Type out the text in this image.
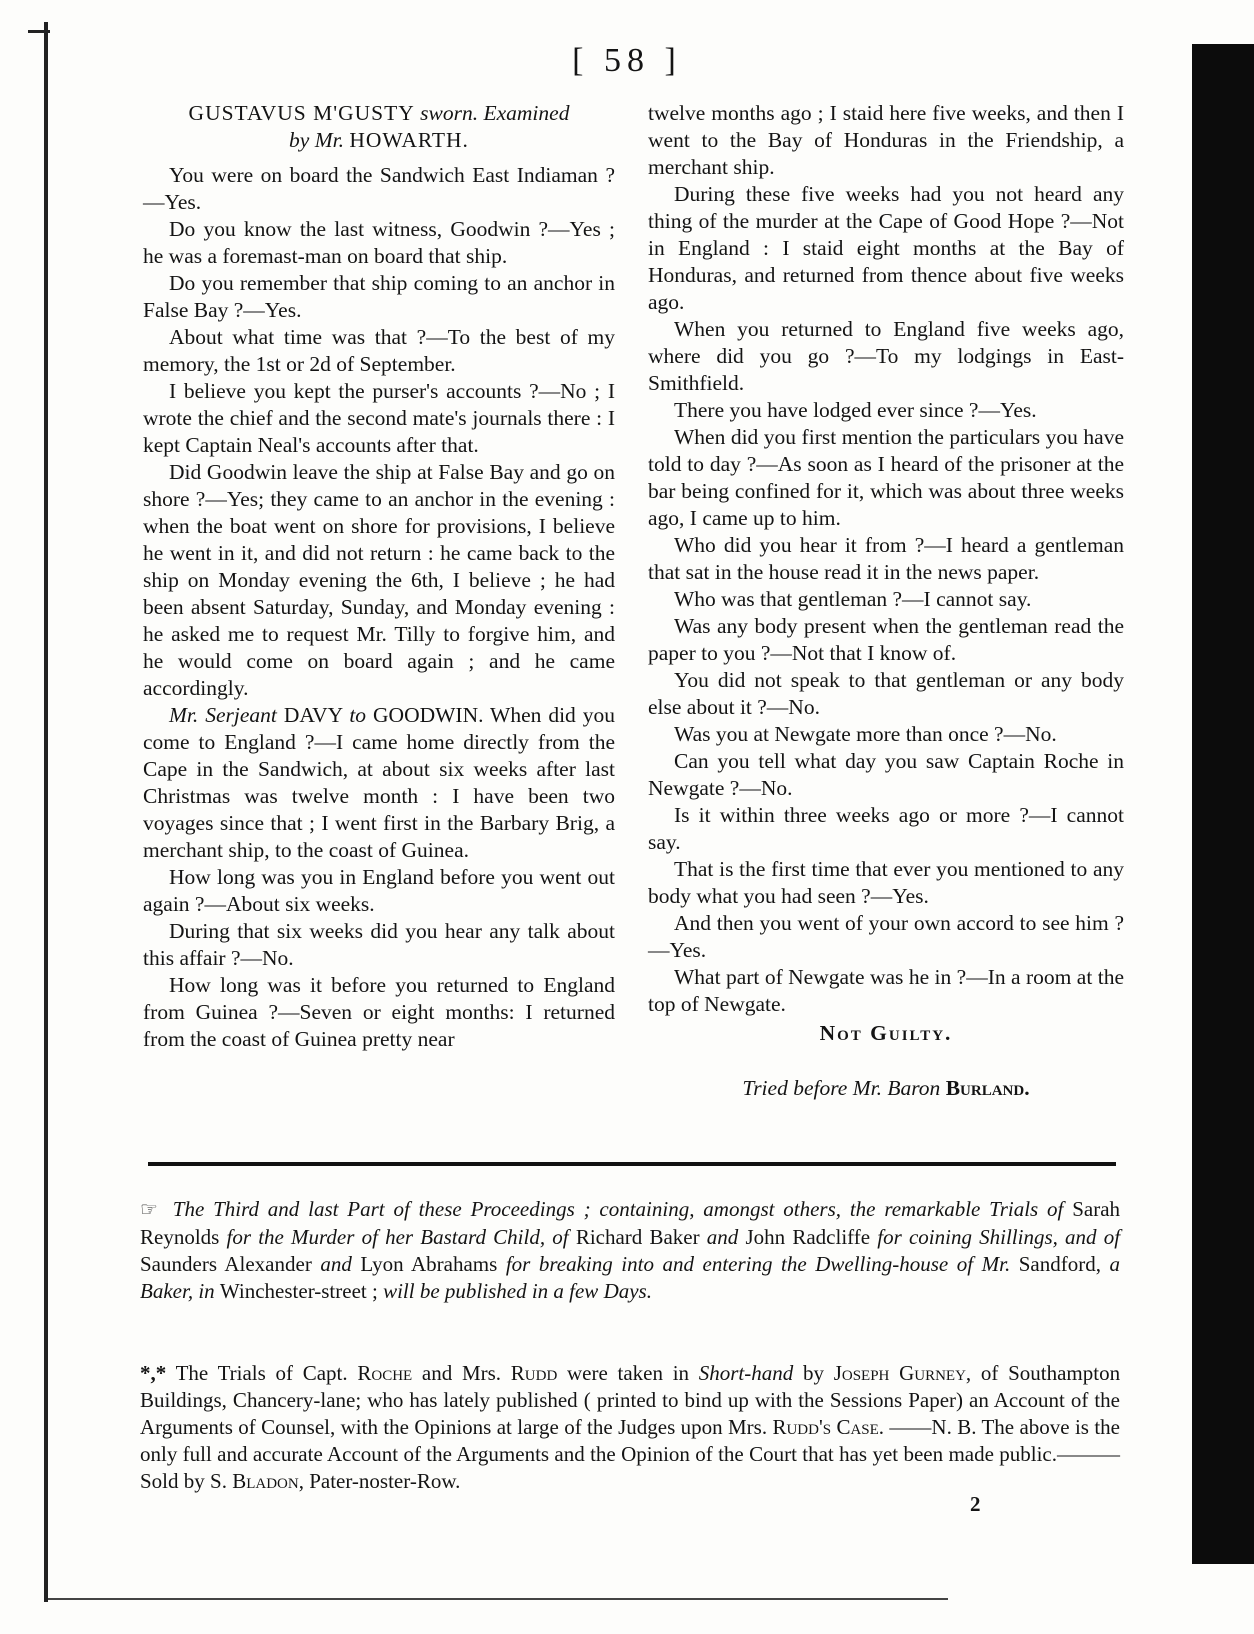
[ 58 ]
GUSTAVUS M'GUSTY sworn. Examined
by Mr. HOWARTH.

You were on board the Sandwich East Indiaman ?—Yes.

Do you know the last witness, Goodwin ?—Yes ; he was a foremast-man on board that ship.

Do you remember that ship coming to an anchor in False Bay ?—Yes.

About what time was that ?—To the best of my memory, the 1st or 2d of September.

I believe you kept the purser's accounts ?—No ; I wrote the chief and the second mate's journals there : I kept Captain Neal's accounts after that.

Did Goodwin leave the ship at False Bay and go on shore ?—Yes; they came to an anchor in the evening : when the boat went on shore for provisions, I believe he went in it, and did not return : he came back to the ship on Monday evening the 6th, I believe ; he had been absent Saturday, Sunday, and Monday evening : he asked me to request Mr. Tilly to forgive him, and he would come on board again ; and he came accordingly.

Mr. Serjeant DAVY to GOODWIN. When did you come to England ?—I came home directly from the Cape in the Sandwich, at about six weeks after last Christmas was twelve month : I have been two voyages since that ; I went first in the Barbary Brig, a merchant ship, to the coast of Guinea.

How long was you in England before you went out again ?—About six weeks.

During that six weeks did you hear any talk about this affair ?—No.

How long was it before you returned to England from Guinea ?—Seven or eight months: I returned from the coast of Guinea pretty near

twelve months ago ; I staid here five weeks, and then I went to the Bay of Honduras in the Friendship, a merchant ship.

During these five weeks had you not heard any thing of the murder at the Cape of Good Hope ?—Not in England : I staid eight months at the Bay of Honduras, and returned from thence about five weeks ago.

When you returned to England five weeks ago, where did you go ?—To my lodgings in East-Smithfield.

There you have lodged ever since ?—Yes.

When did you first mention the particulars you have told to day ?—As soon as I heard of the prisoner at the bar being confined for it, which was about three weeks ago, I came up to him.

Who did you hear it from ?—I heard a gentleman that sat in the house read it in the news paper.

Who was that gentleman ?—I cannot say.

Was any body present when the gentleman read the paper to you ?—Not that I know of.

You did not speak to that gentleman or any body else about it ?—No.

Was you at Newgate more than once ?—No.

Can you tell what day you saw Captain Roche in Newgate ?—No.

Is it within three weeks ago or more ?—I cannot say.

That is the first time that ever you mentioned to any body what you had seen ?—Yes.

And then you went of your own accord to see him ?—Yes.

What part of Newgate was he in ?—In a room at the top of Newgate.

Not Guilty.
Tried before Mr. Baron Burland.
☞ The Third and last Part of these Proceedings ; containing, amongst others, the remarkable Trials of Sarah Reynolds for the Murder of her Bastard Child, of Richard Baker and John Radcliffe for coining Shillings, and of Saunders Alexander and Lyon Abrahams for breaking into and entering the Dwelling-house of Mr. Sandford, a Baker, in Winchester-street ; will be published in a few Days.
*,* The Trials of Capt. Roche and Mrs. Rudd were taken in Short-hand by Joseph Gurney, of Southampton Buildings, Chancery-lane; who has lately published ( printed to bind up with the Sessions Paper) an Account of the Arguments of Counsel, with the Opinions at large of the Judges upon Mrs. Rudd's Case. ——N. B. The above is the only full and accurate Account of the Arguments and the Opinion of the Court that has yet been made public.———Sold by S. Bladon, Pater-noster-Row.
2
